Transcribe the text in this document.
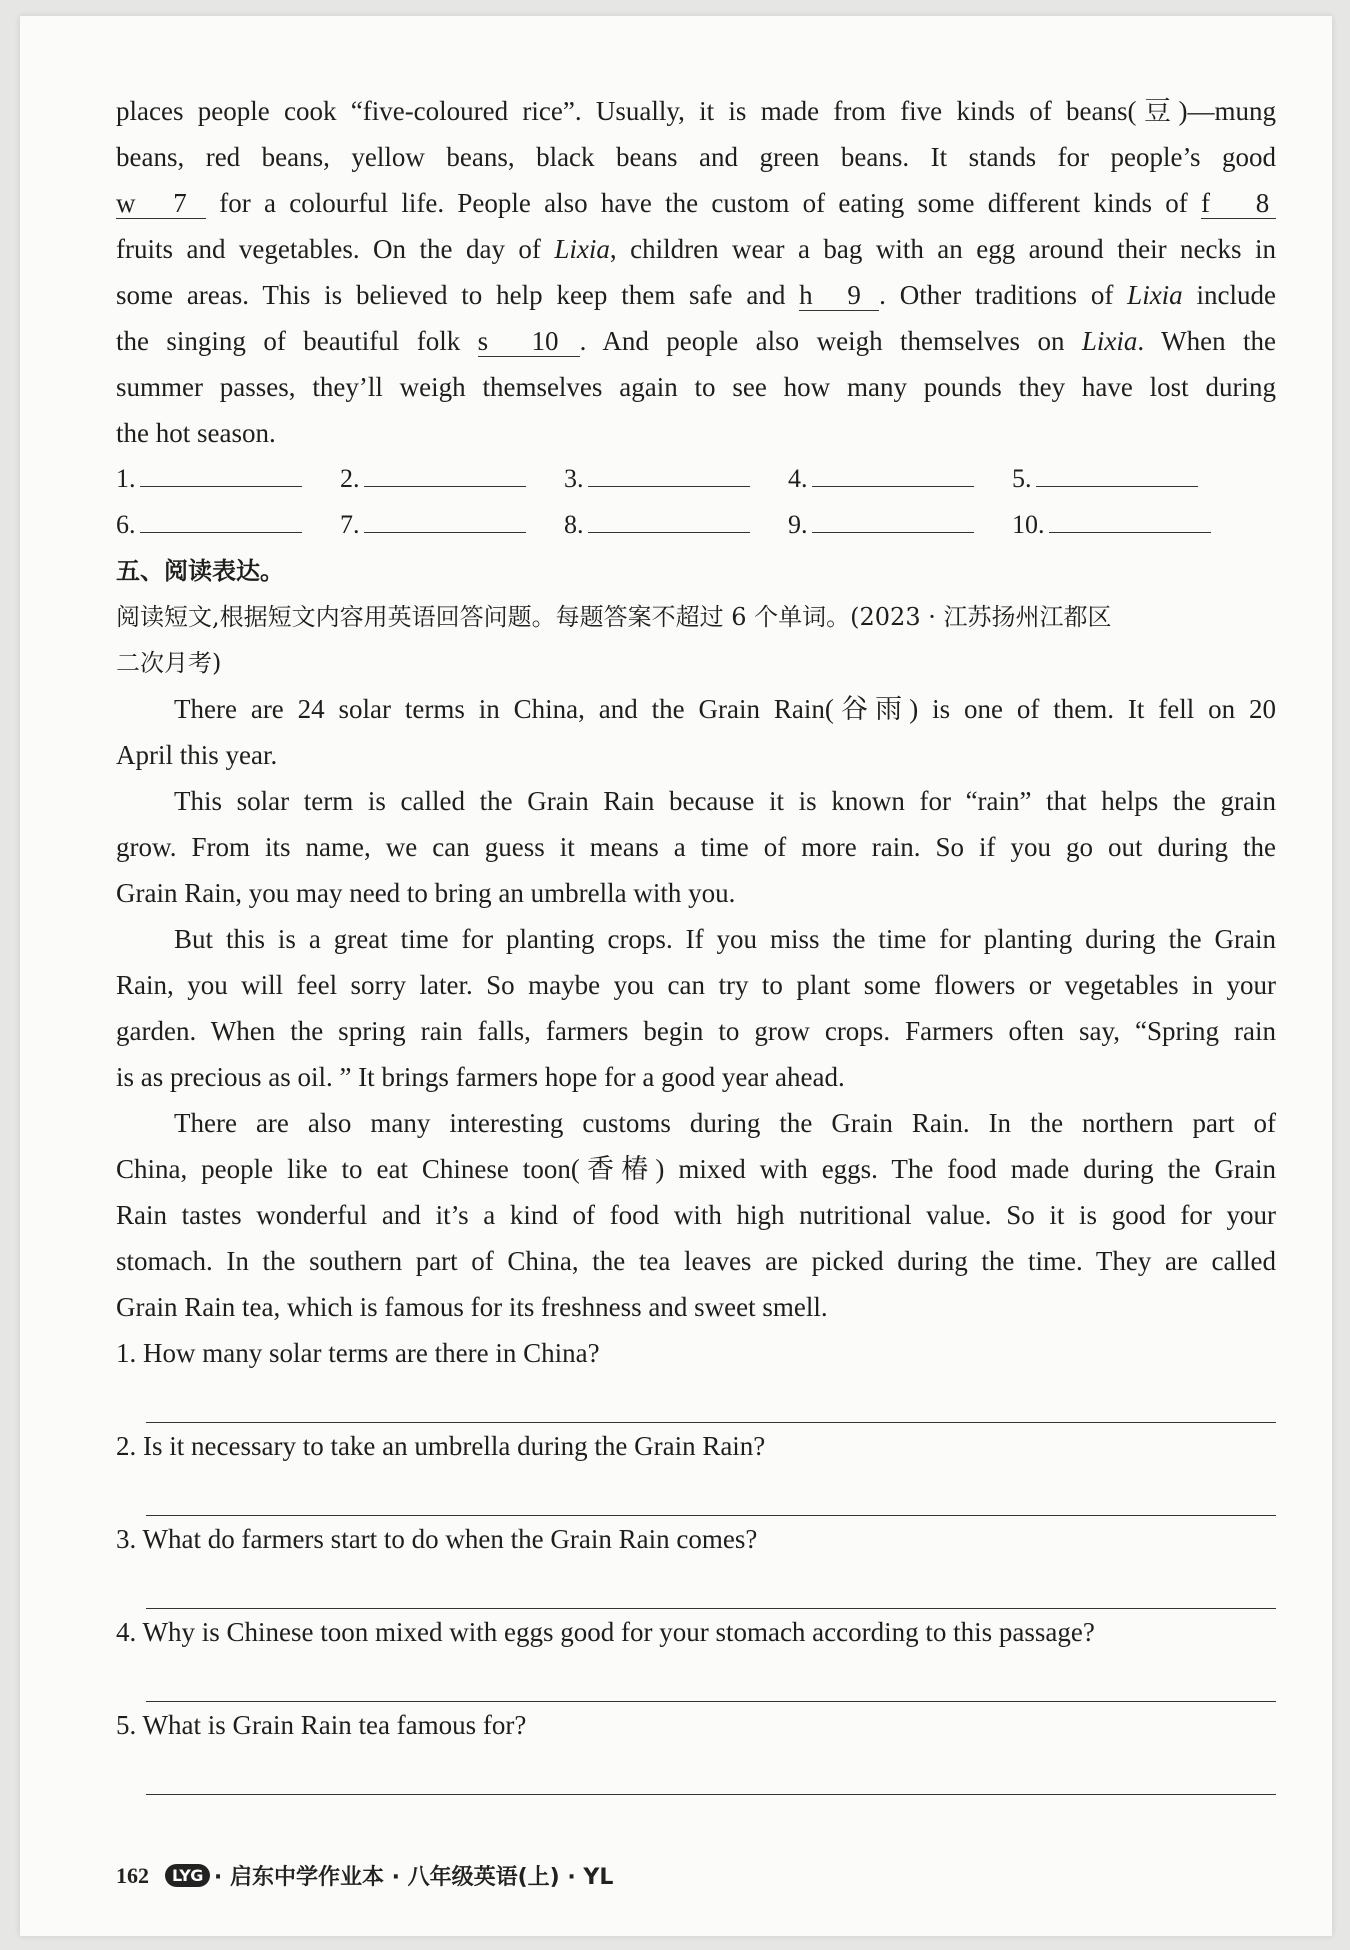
places people cook “five-coloured rice”. Usually, it is made from five kinds of beans(豆)—mung
beans, red beans, yellow beans, black beans and green beans. It stands for people’s good
w 7 for a colourful life. People also have the custom of eating some different kinds of f 8
fruits and vegetables. On the day of Lixia, children wear a bag with an egg around their necks in
some areas. This is believed to help keep them safe and h 9 . Other traditions of Lixia include
the singing of beautiful folk s 10 . And people also weigh themselves on Lixia. When the
summer passes, they’ll weigh themselves again to see how many pounds they have lost during
the hot season.
1.	2.	3.	4.	5.
6.	7.	8.	9.	10.
五、阅读表达。
阅读短文,根据短文内容用英语回答问题。每题答案不超过 6 个单词。(2023 · 江苏扬州江都区
二次月考)
There are 24 solar terms in China, and the Grain Rain(谷雨) is one of them. It fell on 20
April this year.
This solar term is called the Grain Rain because it is known for “rain” that helps the grain
grow. From its name, we can guess it means a time of more rain. So if you go out during the
Grain Rain, you may need to bring an umbrella with you.
But this is a great time for planting crops. If you miss the time for planting during the Grain
Rain, you will feel sorry later. So maybe you can try to plant some flowers or vegetables in your
garden. When the spring rain falls, farmers begin to grow crops. Farmers often say, “Spring rain
is as precious as oil. ” It brings farmers hope for a good year ahead.
There are also many interesting customs during the Grain Rain. In the northern part of
China, people like to eat Chinese toon(香椿) mixed with eggs. The food made during the Grain
Rain tastes wonderful and it’s a kind of food with high nutritional value. So it is good for your
stomach. In the southern part of China, the tea leaves are picked during the time. They are called
Grain Rain tea, which is famous for its freshness and sweet smell.
1. How many solar terms are there in China?
2. Is it necessary to take an umbrella during the Grain Rain?
3. What do farmers start to do when the Grain Rain comes?
4. Why is Chinese toon mixed with eggs good for your stomach according to this passage?
5. What is Grain Rain tea famous for?
162	LYG · 启东中学作业本 · 八年级英语(上) · YL
